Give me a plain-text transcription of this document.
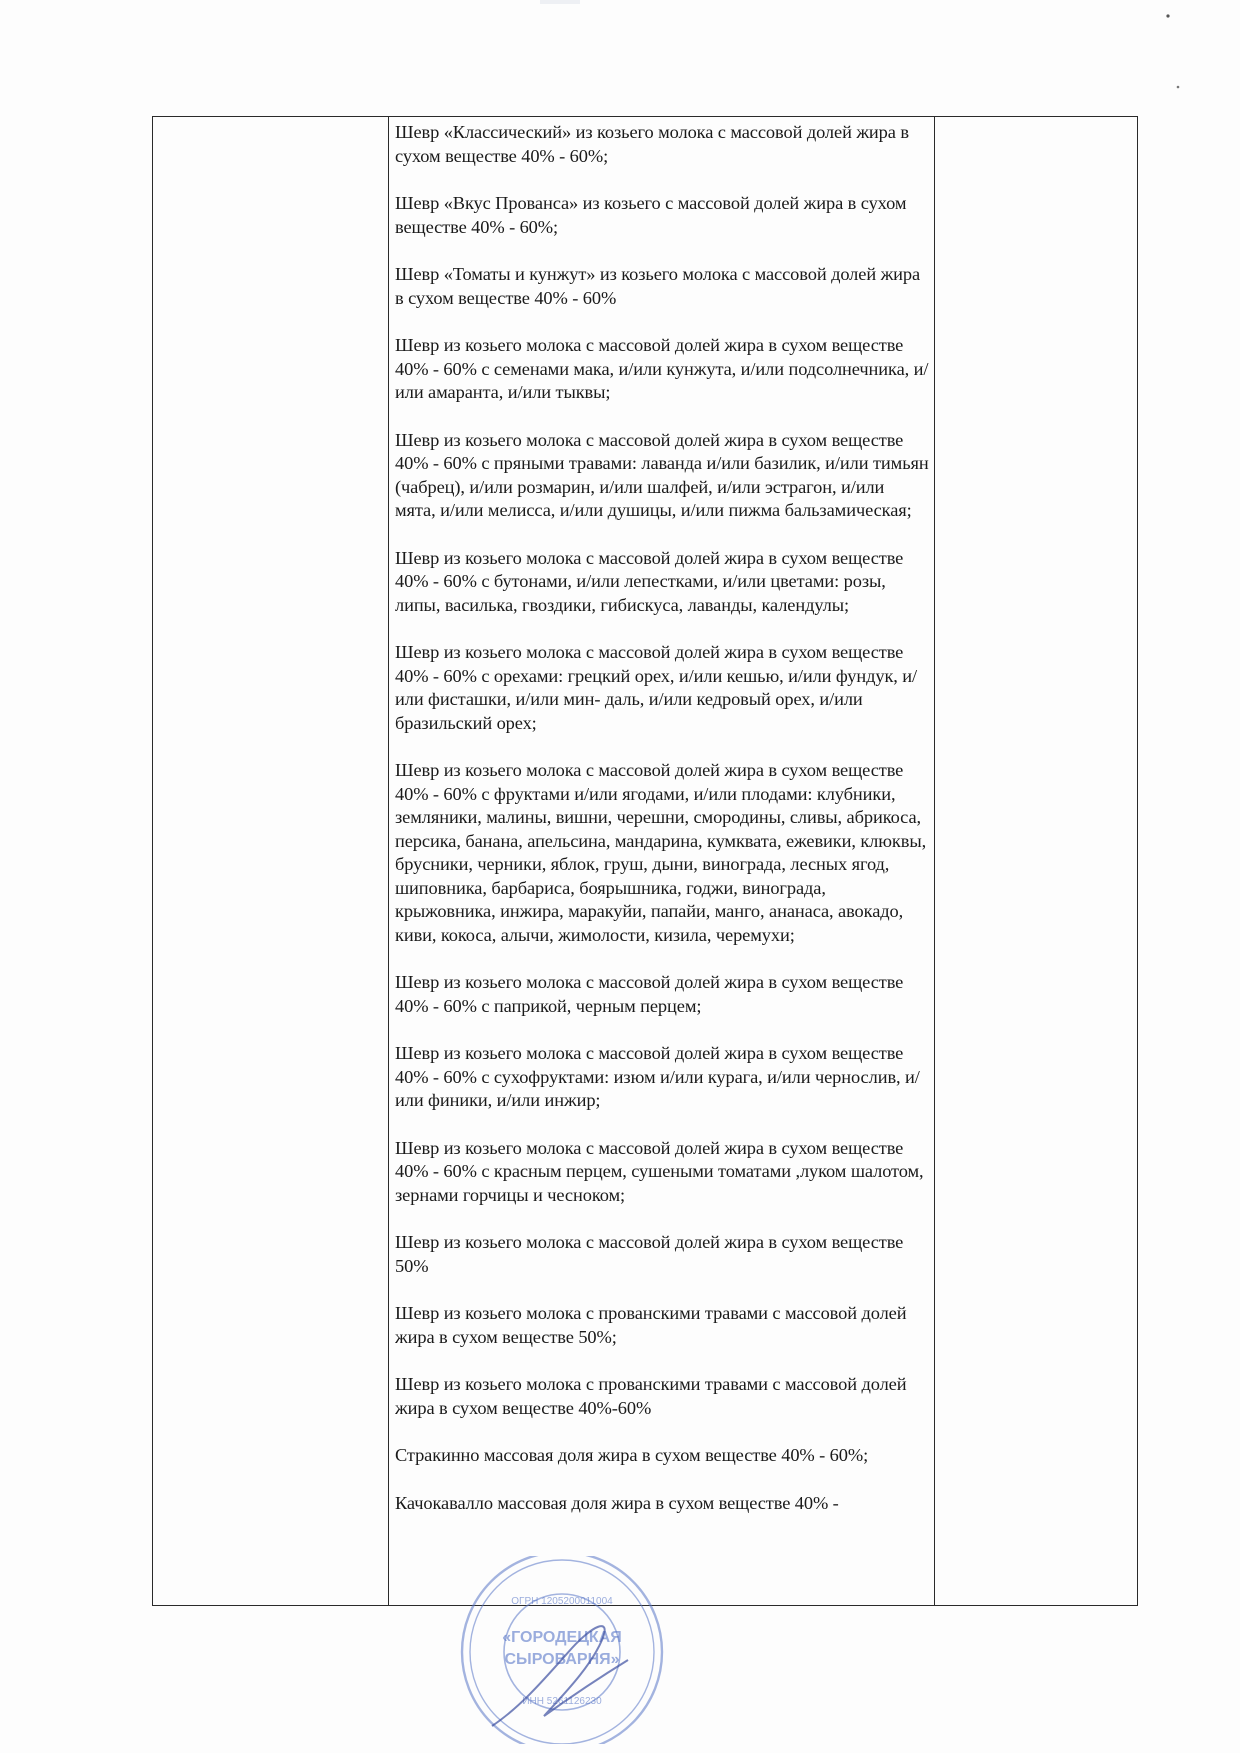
Шевр «Классический» из козьего молока с массовой долей жира в сухом веществе 40% - 60%;

Шевр «Вкус Прованса» из козьего с массовой долей жира в сухом веществе 40% - 60%;

Шевр «Томаты и кунжут» из козьего молока с массовой долей жира в сухом веществе 40% - 60%

Шевр из козьего молока с массовой долей жира в сухом веществе 40% - 60% с семенами мака, и/или кунжута, и/или подсолнечника, и/или амаранта, и/или тыквы;

Шевр из козьего молока с массовой долей жира в сухом веществе 40% - 60% с пряными травами: лаванда и/или базилик, и/или тимьян (чабрец), и/или розмарин, и/или шалфей, и/или эстрагон, и/или мята, и/или мелисса, и/или душицы, и/или пижма бальзамическая;

Шевр из козьего молока с массовой долей жира в сухом веществе 40% - 60% с бутонами, и/или лепестками, и/или цветами: розы, липы, василька, гвоздики, гибискуса, лаванды, календулы;

Шевр из козьего молока с массовой долей жира в сухом веществе 40% - 60% с орехами: грецкий орех, и/или кешью, и/или фундук, и/или фисташки, и/или мин- даль, и/или кедровый орех, и/или бразильский орех;

Шевр из козьего молока с массовой долей жира в сухом веществе 40% - 60% с фруктами и/или ягодами, и/или плодами: клубники, земляники, малины, вишни, черешни, смородины, сливы, абрикоса, персика, банана, апельсина, мандарина, кумквата, ежевики, клюквы, брусники, черники, яблок, груш, дыни, винограда, лесных ягод, шиповника, барбариса, боярышника, годжи, винограда, крыжовника, инжира, маракуйи, папайи, манго, ананаса, авокадо, киви, кокоса, алычи, жимолости, кизила, черемухи;

Шевр из козьего молока с массовой долей жира в сухом веществе 40% - 60% с паприкой, черным перцем;

Шевр из козьего молока с массовой долей жира в сухом веществе 40% - 60% с сухофруктами: изюм и/или курага, и/или чернослив, и/или финики, и/или инжир;

Шевр из козьего молока с массовой долей жира в сухом веществе 40% - 60% с красным перцем, сушеными томатами ,луком шалотом, зернами горчицы и чесноком;

Шевр из козьего молока с массовой долей жира в сухом веществе 50%

Шевр из козьего молока с прованскими травами с массовой долей жира в сухом веществе 50%;

Шевр из козьего молока с прованскими травами с массовой долей жира в сухом веществе 40%-60%

Стракинно массовая доля жира в сухом веществе 40% - 60%;

Качокавалло массовая доля жира в сухом веществе 40% -

ОГРН 1205200011004
«ГОРОДЕЦКАЯ
СЫРОВАРНЯ»
ИНН 5261126230
